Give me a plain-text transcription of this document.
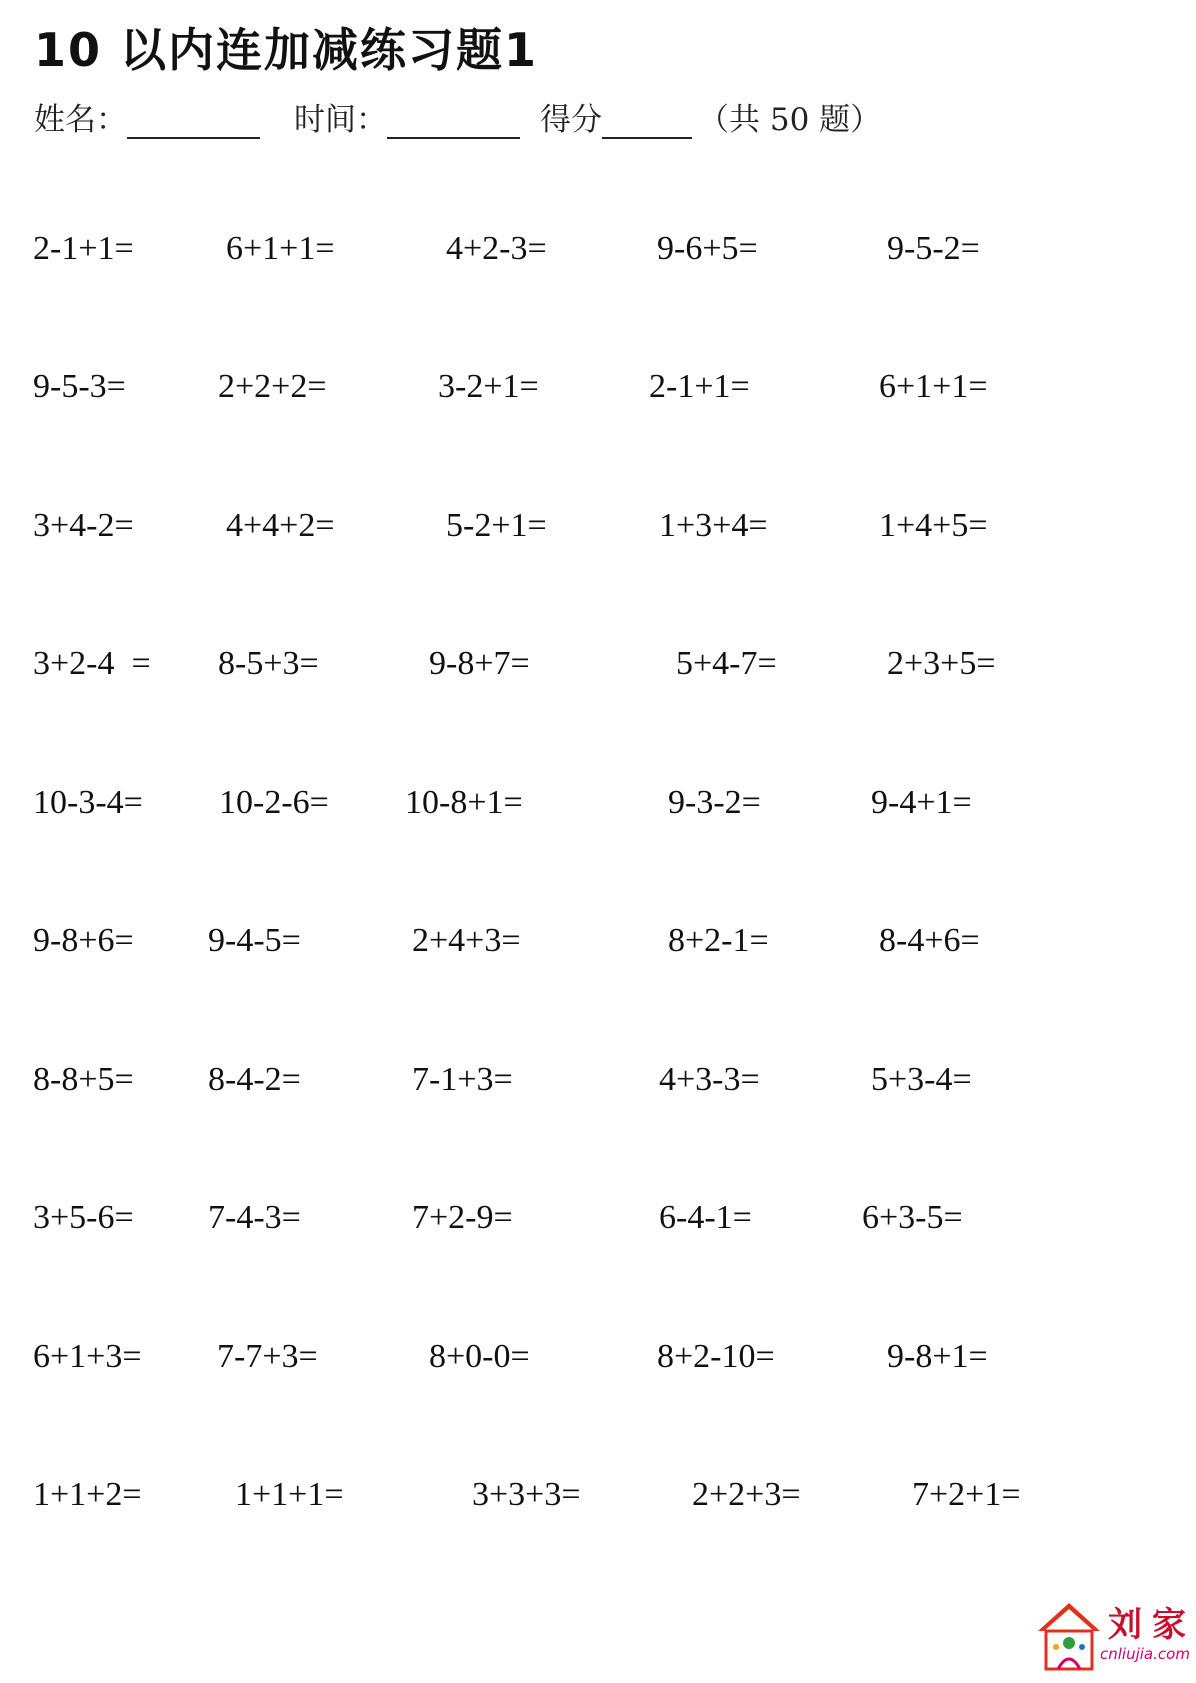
10 以内连加减练习题1
姓名：	时间：	得分	（共 50 题）
2-1+1=	6+1+1=	4+2-3=	9-6+5=	9-5-2=
9-5-3=	2+2+2=	3-2+1=	2-1+1=	6+1+1=
3+4-2=	4+4+2=	5-2+1=	1+3+4=	1+4+5=
3+2-4  = 8-5+3=	9-8+7=	5+4-7=	2+3+5=
10-3-4= 10-2-6= 10-8+1=	9-3-2=	9-4+1=
9-8+6= 9-4-5=	2+4+3=	8+2-1=	8-4+6=
8-8+5= 8-4-2=	7-1+3=	4+3-3=	5+3-4=
3+5-6= 7-4-3=	7+2-9=	6-4-1=	6+3-5=
6+1+3= 7-7+3=	8+0-0=	8+2-10=	9-8+1=
1+1+2=	1+1+1=	3+3+3=	2+2+3=	7+2+1=
刘家
cnliujia.com
